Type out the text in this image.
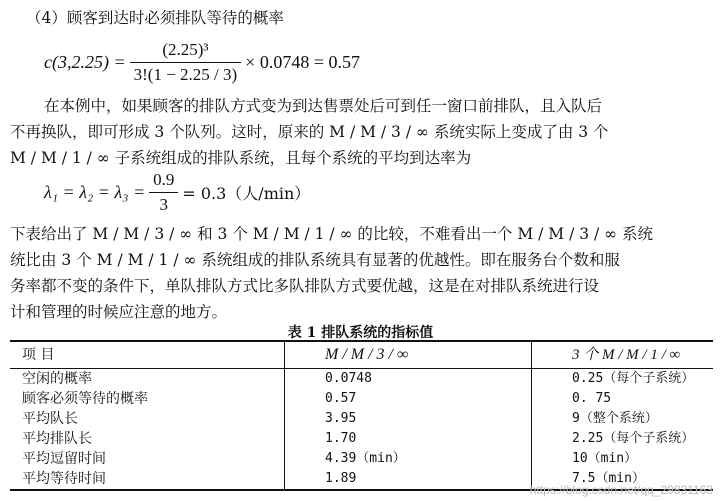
（4）顾客到达时必须排队等待的概率
$c(3,2.25) = \frac{\text{(2.25)³}}{3!(1 - 2.25 / 3)} \times 0.0748 = 0.57$
在本例中，如果顾客的排队方式变为到达售票处后可到任一窗口前排队，且入队后
不再换队，即可形成 3 个队列。这时，原来的 M / M / 3 / ∞ 系统实际上变成了由 3 个
M / M / 1 / ∞ 子系统组成的排队系统，且每个系统的平均到达率为
$\lambda_1 = \lambda_2 = \lambda_3 = \frac{0.9}{3} = 0.3$（人/min）
下表给出了 M / M / 3 / ∞ 和 3 个 M / M / 1 / ∞ 的比较，不难看出一个 M / M / 3 / ∞ 系统
统比由 3 个 M / M / 1 / ∞ 系统组成的排队系统具有显著的优越性。即在服务台个数和服
务率都不变的条件下，单队排队方式比多队排队方式要优越，这是在对排队系统进行设
计和管理的时候应注意的地方。
表 1 排队系统的指标值
项 目	M / M / 3 / ∞	3 个 M / M / 1 / ∞
空闲的概率	0.0748	0.25（每个子系统）
顾客必须等待的概率	0.57	0. 75
平均队长	3.95	9（整个系统）
平均排队长	1.70	2.25（每个子系统）
平均逗留时间	4.39（min）	10（min）
平均等待时间	1.89	7.5（min）
https://blog.csdn.net/qq_29831163
